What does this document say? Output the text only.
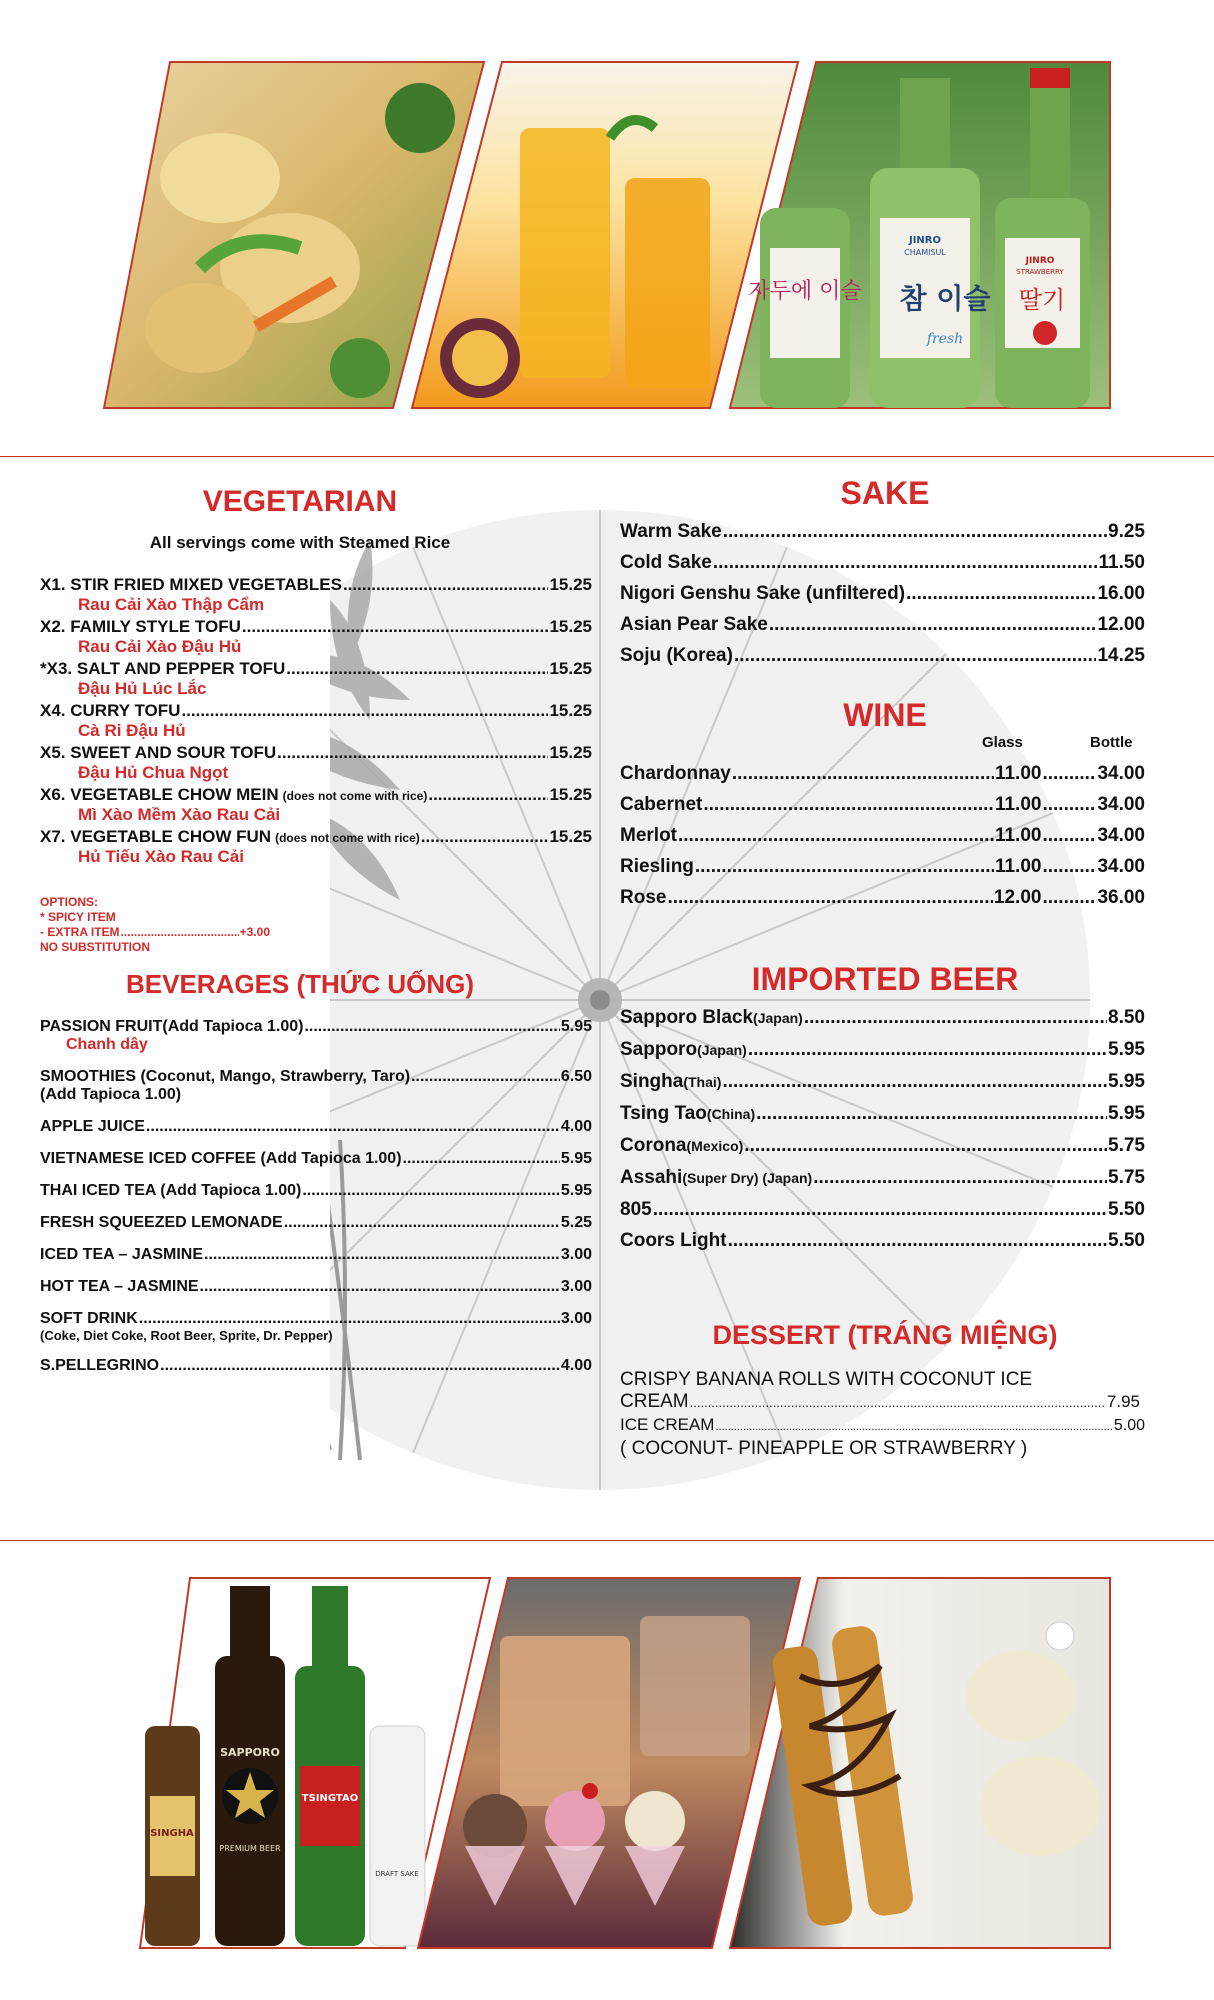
자두에 이슬
JINRO
CHAMISUL
참 이슬
fresh
JINRO
STRAWBERRY
딸기
VEGETARIAN
All servings come with Steamed Rice
X1. STIR FRIED MIXED VEGETABLES .....	15.25
Rau Cải Xào Thập Cẩm
X2. FAMILY STYLE TOFU .....	15.25
Rau Cải Xào Đậu Hủ
*X3. SALT AND PEPPER TOFU .....	15.25
Đậu Hủ Lúc Lắc
X4. CURRY TOFU .....	15.25
Cà Ri Đậu Hủ
X5. SWEET AND SOUR TOFU .....	15.25
Đậu Hủ Chua Ngọt
X6. VEGETABLE CHOW MEIN (does not come with rice) .....	15.25
Mì Xào Mềm Xào Rau Cải
X7. VEGETABLE CHOW FUN (does not come with rice) .....	15.25
Hủ Tiếu Xào Rau Cải
OPTIONS:
* SPICY ITEM
- EXTRA ITEM .....	+3.00
NO SUBSTITUTION
BEVERAGES (THỨC UỐNG)
PASSION FRUIT(Add Tapioca 1.00) .....	5.95
Chanh dây
SMOOTHIES (Coconut, Mango, Strawberry, Taro) .....	6.50
(Add Tapioca 1.00)
APPLE JUICE .....	4.00
VIETNAMESE ICED COFFEE (Add Tapioca 1.00) .....	5.95
THAI ICED TEA (Add Tapioca 1.00) .....	5.95
FRESH SQUEEZED LEMONADE .....	5.25
ICED TEA – JASMINE .....	3.00
HOT TEA – JASMINE .....	3.00
SOFT DRINK .....	3.00
(Coke, Diet Coke, Root Beer, Sprite, Dr. Pepper)
S.PELLEGRINO .....	4.00
SAKE
Warm Sake .....	9.25
Cold Sake .....	11.50
Nigori Genshu Sake (unfiltered) .....	16.00
Asian Pear Sake .....	12.00
Soju (Korea) .....	14.25
WINE
Glass	Bottle
Chardonnay .....	11.00 .....	34.00
Cabernet .....	11.00 .....	34.00
Merlot .....	11.00 .....	34.00
Riesling .....	11.00 .....	34.00
Rose .....	12.00 .....	36.00
IMPORTED BEER
Sapporo Black (Japan) .....	8.50
Sapporo (Japan) .....	5.95
Singha (Thai) .....	5.95
Tsing Tao (China) .....	5.95
Corona (Mexico) .....	5.75
Assahi (Super Dry) (Japan) .....	5.75
805 .....	5.50
Coors Light .....	5.50
DESSERT (TRÁNG MIỆNG)
CRISPY BANANA ROLLS WITH COCONUT ICE
CREAM .....	7.95
ICE CREAM .....	5.00
( COCONUT- PINEAPPLE OR STRAWBERRY )
SINGHA
SAPPORO
PREMIUM BEER
TSINGTAO
DRAFT SAKE
